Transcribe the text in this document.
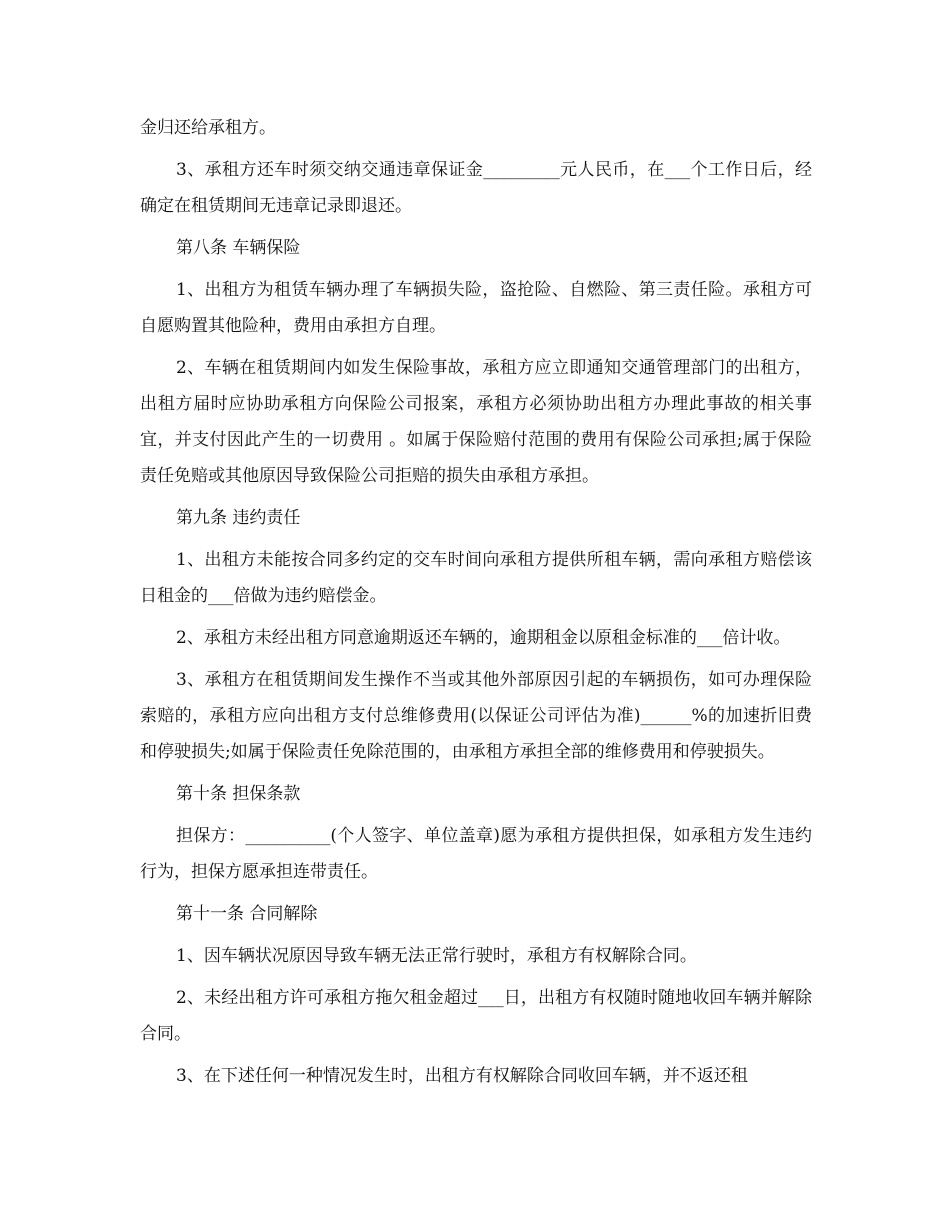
金归还给承租方。

3、承租方还车时须交纳交通违章保证金_________元人民币，在___个工作日后，经确定在租赁期间无违章记录即退还。

第八条 车辆保险

1、出租方为租赁车辆办理了车辆损失险，盗抢险、自燃险、第三责任险。承租方可自愿购置其他险种，费用由承担方自理。

2、车辆在租赁期间内如发生保险事故，承租方应立即通知交通管理部门的出租方，出租方届时应协助承租方向保险公司报案，承租方必须协助出租方办理此事故的相关事宜，并支付因此产生的一切费用 。如属于保险赔付范围的费用有保险公司承担;属于保险责任免赔或其他原因导致保险公司拒赔的损失由承租方承担。

第九条 违约责任

1、出租方未能按合同多约定的交车时间向承租方提供所租车辆，需向承租方赔偿该日租金的___倍做为违约赔偿金。

2、承租方未经出租方同意逾期返还车辆的，逾期租金以原租金标准的___倍计收。

3、承租方在租赁期间发生操作不当或其他外部原因引起的车辆损伤，如可办理保险索赔的，承租方应向出租方支付总维修费用(以保证公司评估为准)______%的加速折旧费和停驶损失;如属于保险责任免除范围的，由承租方承担全部的维修费用和停驶损失。

第十条 担保条款

担保方：__________(个人签字、单位盖章)愿为承租方提供担保，如承租方发生违约行为，担保方愿承担连带责任。

第十一条 合同解除

1、因车辆状况原因导致车辆无法正常行驶时，承租方有权解除合同。

2、未经出租方许可承租方拖欠租金超过___日，出租方有权随时随地收回车辆并解除合同。

3、在下述任何一种情况发生时，出租方有权解除合同收回车辆，并不返还租
